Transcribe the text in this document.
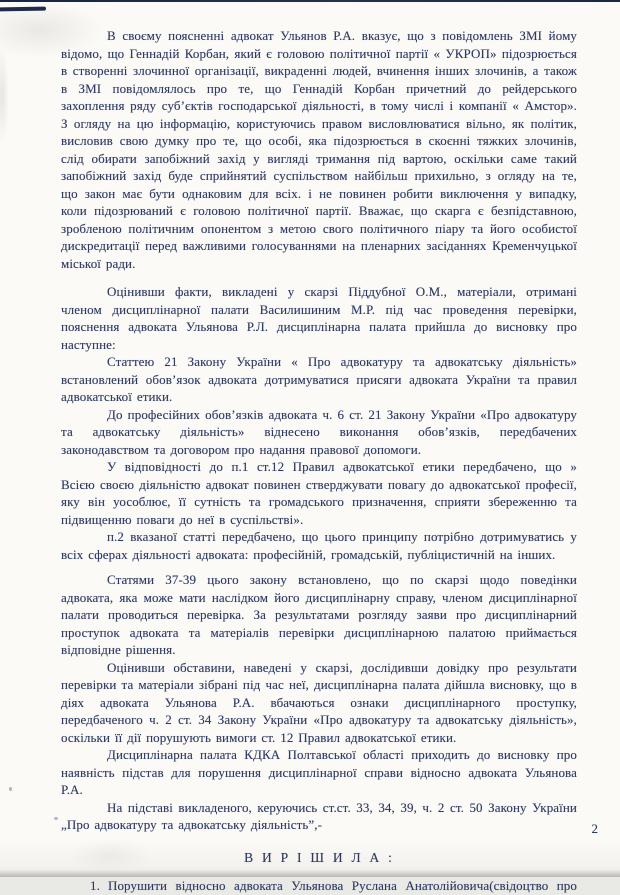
В своєму поясненні адвокат Ульянов Р.А. вказує, що з повідомлень ЗМІ йому відомо, що Геннадій Корбан, який є головою політичної партії « УКРОП» підозрюється в створенні злочинної організації, викраденні людей, вчинення інших злочинів, а також в ЗМІ повідомлялось про те, що Геннадій Корбан причетний до рейдерського захоплення ряду суб’єктів господарської діяльності, в тому числі і компанії « Амстор». З огляду на цю інформацію, користуючись правом висловлюватися вільно, як політик, висловив свою думку про те, що особі, яка підозрюється в скоєнні тяжких злочинів, слід обирати запобіжний захід у вигляді тримання під вартою, оскільки саме такий запобіжний захід буде сприйнятий суспільством найбільш прихильно, з огляду на те, що закон має бути однаковим для всіх. і не повинен робити виключення у випадку, коли підозрюваний є головою політичної партії. Вважає, що скарга є безпідставною, зробленою політичним опонентом з метою свого політичного піару та його особистої дискредитації перед важливими голосуваннями на пленарних засіданнях Кременчуцької міської ради.

Оцінивши факти, викладені у скарзі Піддубної О.М., матеріали, отримані членом дисциплінарної палати Василишиним М.Р. під час проведення перевірки, пояснення адвоката Ульянова Р.Л. дисциплінарна палата прийшла до висновку про наступне:

Статтею 21 Закону України « Про адвокатуру та адвокатську діяльність» встановлений обов’язок адвоката дотримуватися присяги адвоката України та правил адвокатської етики.

До професійних обов’язків адвоката ч. 6 ст. 21 Закону України «Про адвокатуру та адвокатську діяльність» віднесено виконання обов’язків, передбачених законодавством та договором про надання правової допомоги.

У відповідності до п.1 ст.12 Правил адвокатської етики передбачено, що » Всією своєю діяльністю адвокат повинен стверджувати повагу до адвокатської професії, яку він уособлює, її сутність та громадського призначення, сприяти збереженню та підвищенню поваги до неї в суспільстві».

п.2 вказаної статті передбачено, що цього принципу потрібно дотримуватись у всіх сферах діяльності адвоката: професійній, громадській, публіцистичній на інших.

Статями 37-39 цього закону встановлено, що по скарзі щодо поведінки адвоката, яка може мати наслідком його дисциплінарну справу, членом дисциплінарної палати проводиться перевірка. За результатами розгляду заяви про дисциплінарний проступок адвоката та матеріалів перевірки дисциплінарною палатою приймається відповідне рішення.

Оцінивши обставини, наведені у скарзі, дослідивши довідку про результати перевірки та матеріали зібрані під час неї, дисциплінарна палата дійшла висновку, що в діях адвоката Ульянова Р.А. вбачаються ознаки дисциплінарного проступку, передбаченого ч. 2 ст. 34 Закону України «Про адвокатуру та адвокатську діяльність», оскільки її дії порушують вимоги ст. 12 Правил адвокатської етики.

Дисциплінарна палата КДКА Полтавської області приходить до висновку про наявність підстав для порушення дисциплінарної справи відносно адвоката Ульянова Р.А.

На підставі викладеного, керуючись ст.ст. 33, 34, 39, ч. 2 ст. 50 Закону України „Про адвокатуру та адвокатську діяльність”,-

В И Р І Ш И Л А :

1. Порушити відносно адвоката Ульянова Руслана Анатолійовича(свідоцтво про
2
